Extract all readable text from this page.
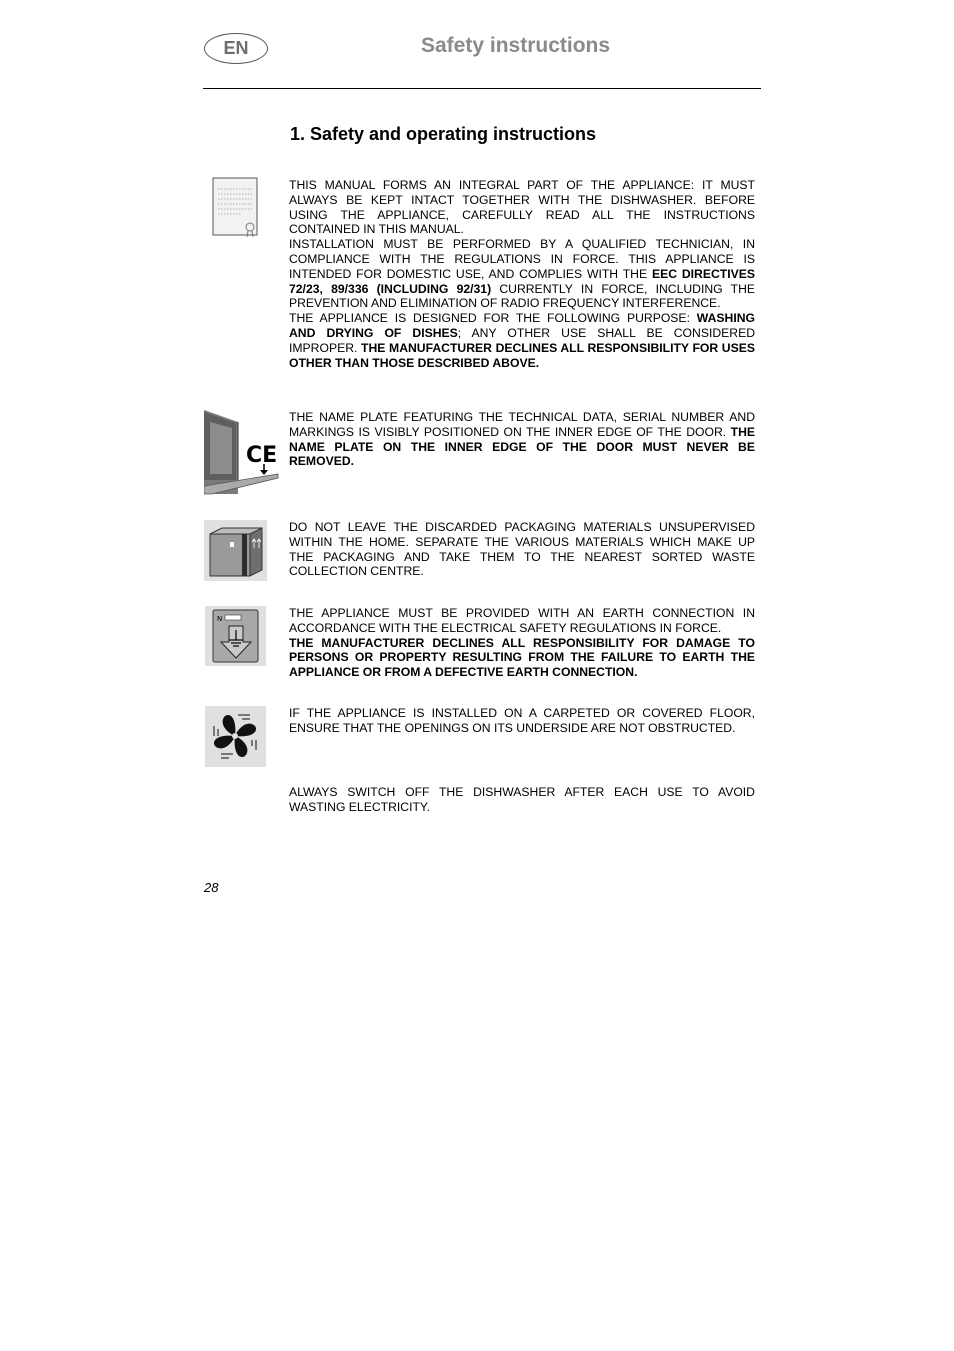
EN	Safety instructions
1. Safety and operating instructions

THIS MANUAL FORMS AN INTEGRAL PART OF THE APPLIANCE: IT MUST ALWAYS BE KEPT INTACT TOGETHER WITH THE DISHWASHER. BEFORE USING THE APPLIANCE, CAREFULLY READ ALL THE INSTRUCTIONS CONTAINED IN THIS MANUAL.

INSTALLATION MUST BE PERFORMED BY A QUALIFIED TECHNICIAN, IN COMPLIANCE WITH THE REGULATIONS IN FORCE. THIS APPLIANCE IS INTENDED FOR DOMESTIC USE, AND COMPLIES WITH THE EEC DIRECTIVES 72/23, 89/336 (INCLUDING 92/31) CURRENTLY IN FORCE, INCLUDING THE PREVENTION AND ELIMINATION OF RADIO FREQUENCY INTERFERENCE.

THE APPLIANCE IS DESIGNED FOR THE FOLLOWING PURPOSE: WASHING AND DRYING OF DISHES; ANY OTHER USE SHALL BE CONSIDERED IMPROPER. THE MANUFACTURER DECLINES ALL RESPONSIBILITY FOR USES OTHER THAN THOSE DESCRIBED ABOVE.

CE

THE NAME PLATE FEATURING THE TECHNICAL DATA, SERIAL NUMBER AND MARKINGS IS VISIBLY POSITIONED ON THE INNER EDGE OF THE DOOR. THE NAME PLATE ON THE INNER EDGE OF THE DOOR MUST NEVER BE REMOVED.

DO NOT LEAVE THE DISCARDED PACKAGING MATERIALS UNSUPERVISED WITHIN THE HOME. SEPARATE THE VARIOUS MATERIALS WHICH MAKE UP THE PACKAGING AND TAKE THEM TO THE NEAREST SORTED WASTE COLLECTION CENTRE.

N	THE APPLIANCE MUST BE PROVIDED WITH AN EARTH CONNECTION IN ACCORDANCE WITH THE ELECTRICAL SAFETY REGULATIONS IN FORCE.

THE MANUFACTURER DECLINES ALL RESPONSIBILITY FOR DAMAGE TO PERSONS OR PROPERTY RESULTING FROM THE FAILURE TO EARTH THE APPLIANCE OR FROM A DEFECTIVE EARTH CONNECTION.

IF THE APPLIANCE IS INSTALLED ON A CARPETED OR COVERED FLOOR, ENSURE THAT THE OPENINGS ON ITS UNDERSIDE ARE NOT OBSTRUCTED.

ALWAYS SWITCH OFF THE DISHWASHER AFTER EACH USE TO AVOID WASTING ELECTRICITY.

28
